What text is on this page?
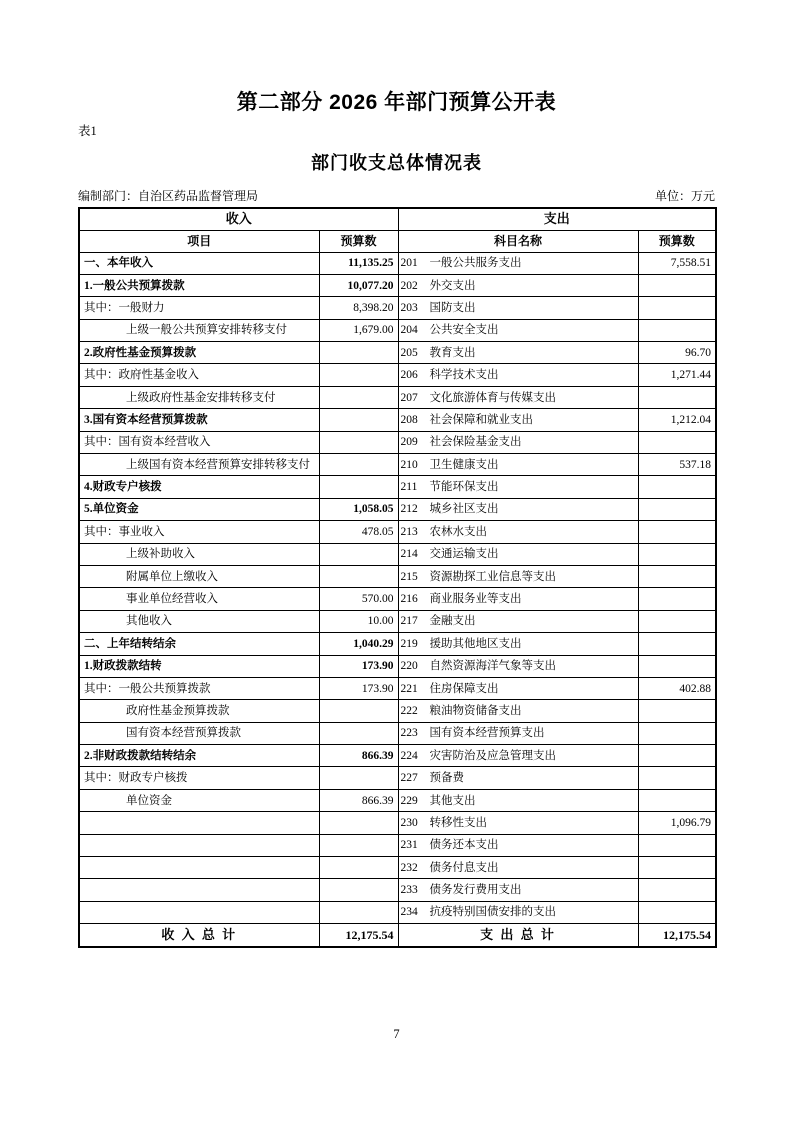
第二部分 2026 年部门预算公开表
表1
部门收支总体情况表
编制部门：自治区药品监督管理局	单位：万元
收入		支出	
项目	预算数	科目名称	预算数
一、本年收入	11,135.25	201 一般公共服务支出	7,558.51
1.一般公共预算拨款	10,077.20	202 外交支出	
其中：一般财力	8,398.20	203 国防支出	
上级一般公共预算安排转移支付	1,679.00	204 公共安全支出	
2.政府性基金预算拨款		205 教育支出	96.70
其中：政府性基金收入		206 科学技术支出	1,271.44
上级政府性基金安排转移支付		207 文化旅游体育与传媒支出	
3.国有资本经营预算拨款		208 社会保障和就业支出	1,212.04
其中：国有资本经营收入		209 社会保险基金支出	
上级国有资本经营预算安排转移支付		210 卫生健康支出	537.18
4.财政专户核拨		211 节能环保支出	
5.单位资金	1,058.05	212 城乡社区支出	
其中：事业收入	478.05	213 农林水支出	
上级补助收入		214 交通运输支出	
附属单位上缴收入		215 资源勘探工业信息等支出	
事业单位经营收入	570.00	216 商业服务业等支出	
其他收入	10.00	217 金融支出	
二、上年结转结余	1,040.29	219 援助其他地区支出	
1.财政拨款结转	173.90	220 自然资源海洋气象等支出	
其中：一般公共预算拨款	173.90	221 住房保障支出	402.88
政府性基金预算拨款		222 粮油物资储备支出	
国有资本经营预算拨款		223 国有资本经营预算支出	
2.非财政拨款结转结余	866.39	224 灾害防治及应急管理支出	
其中：财政专户核拨		227 预备费	
单位资金	866.39	229 其他支出	
		230 转移性支出	1,096.79
		231 债务还本支出	
		232 债务付息支出	
		233 债务发行费用支出	
		234 抗疫特别国债安排的支出	
收 入 总 计	12,175.54	支 出 总 计	12,175.54
7
